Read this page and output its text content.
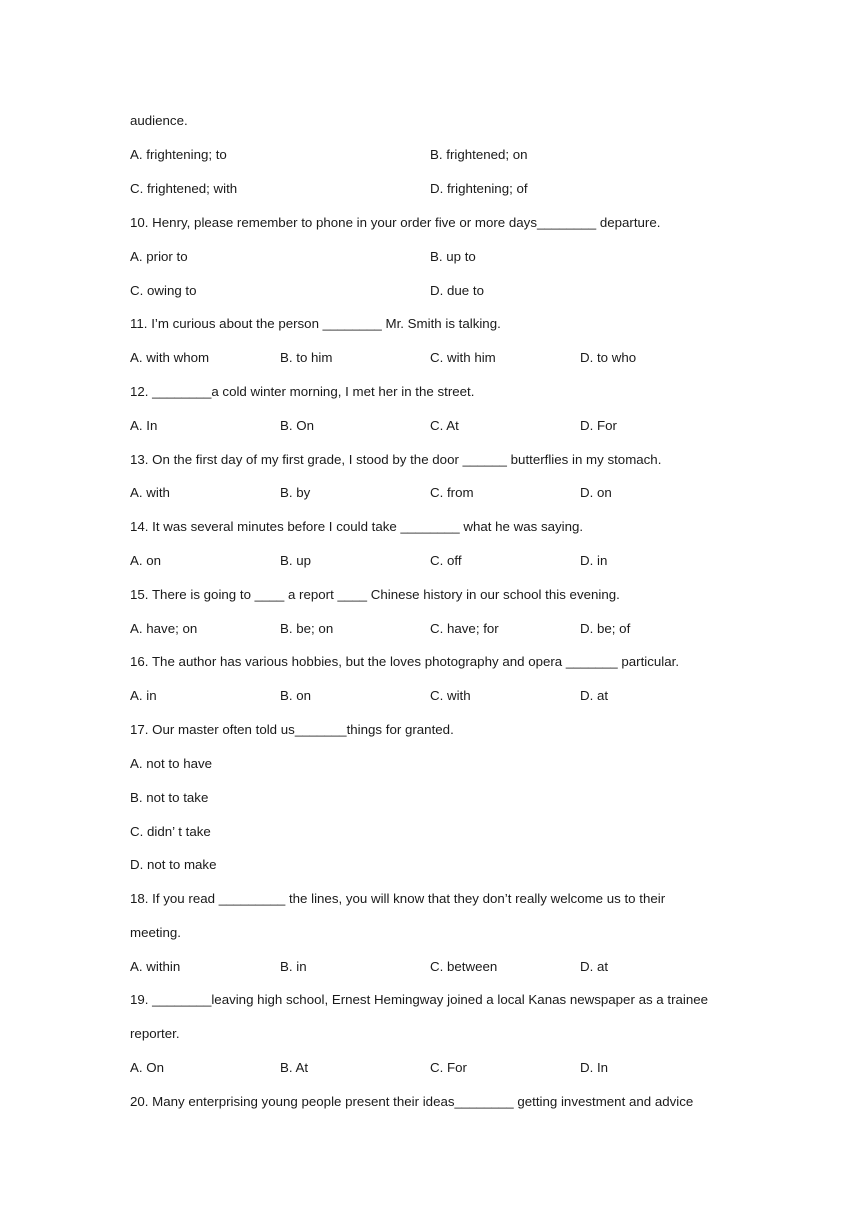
audience.
A. frightening; to	B. frightened; on
C. frightened; with	D. frightening; of
10. Henry, please remember to phone in your order five or more days________ departure.
A. prior to	B. up to
C. owing to	D. due to
11. I’m curious about the person ________ Mr. Smith is talking.
A. with whom	B. to him	C. with him	D. to who
12. ________a cold winter morning, I met her in the street.
A. In	B. On	C. At	D. For
13. On the first day of my first grade, I stood by the door ______ butterflies in my stomach.
A. with	B. by	C. from	D. on
14. It was several minutes before I could take ________ what he was saying.
A. on	B. up	C. off	D. in
15. There is going to ____ a report ____ Chinese history in our school this evening.
A. have; on	B. be; on	C. have; for	D. be; of
16. The author has various hobbies, but the loves photography and opera _______ particular.
A. in	B. on	C. with	D. at
17. Our master often told us_______things for granted.
A. not to have
B. not to take
C. didn’ t take
D. not to make
18. If you read _________ the lines, you will know that they don’t really welcome us to their
meeting.
A. within	B. in	C. between	D. at
19. ________leaving high school, Ernest Hemingway joined a local Kanas newspaper as a trainee
reporter.
A. On	B. At	C. For	D. In
20. Many enterprising young people present their ideas________ getting investment and advice
